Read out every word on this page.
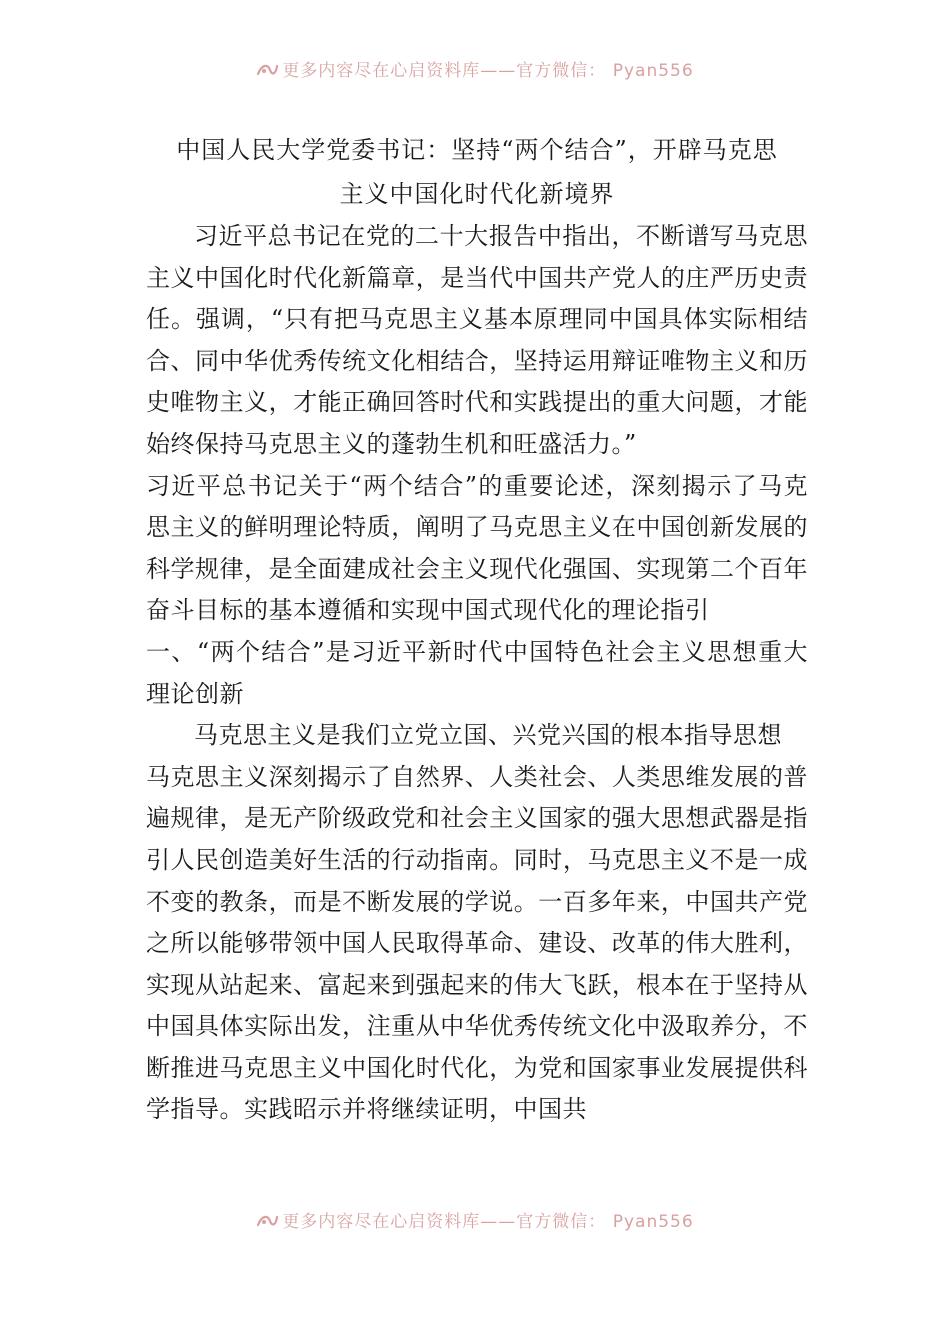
更多内容尽在心启资料库——官方微信： Pyan556
中国人民大学党委书记：坚持“两个结合”，开辟马克思
主义中国化时代化新境界

习近平总书记在党的二十大报告中指出，不断谱写马克思主义中国化时代化新篇章，是当代中国共产党人的庄严历史责任。强调，“只有把马克思主义基本原理同中国具体实际相结合、同中华优秀传统文化相结合，坚持运用辩证唯物主义和历史唯物主义，才能正确回答时代和实践提出的重大问题，才能始终保持马克思主义的蓬勃生机和旺盛活力。”

习近平总书记关于“两个结合”的重要论述，深刻揭示了马克思主义的鲜明理论特质，阐明了马克思主义在中国创新发展的科学规律，是全面建成社会主义现代化强国、实现第二个百年奋斗目标的基本遵循和实现中国式现代化的理论指引

一、“两个结合”是习近平新时代中国特色社会主义思想重大理论创新

马克思主义是我们立党立国、兴党兴国的根本指导思想

马克思主义深刻揭示了自然界、人类社会、人类思维发展的普遍规律，是无产阶级政党和社会主义国家的强大思想武器是指引人民创造美好生活的行动指南。同时，马克思主义不是一成不变的教条，而是不断发展的学说。一百多年来，中国共产党之所以能够带领中国人民取得革命、建设、改革的伟大胜利，实现从站起来、富起来到强起来的伟大飞跃，根本在于坚持从中国具体实际出发，注重从中华优秀传统文化中汲取养分，不断推进马克思主义中国化时代化，为党和国家事业发展提供科学指导。实践昭示并将继续证明，中国共

更多内容尽在心启资料库——官方微信： Pyan556
